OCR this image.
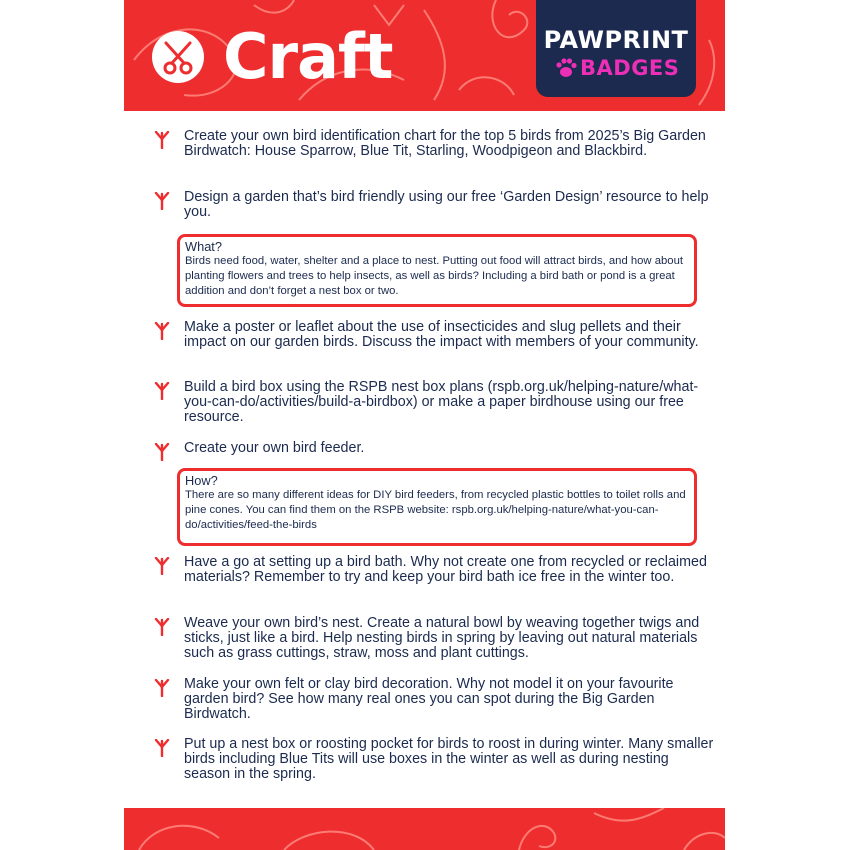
Craft	PAWPRINT
BADGES
Create your own bird identification chart for the top 5 birds from 2025’s Big Garden Birdwatch: House Sparrow, Blue Tit, Starling, Woodpigeon and Blackbird.
Design a garden that’s bird friendly using our free ‘Garden Design’ resource to help you.
What?
Birds need food, water, shelter and a place to nest. Putting out food will attract birds, and how about planting flowers and trees to help insects, as well as birds? Including a bird bath or pond is a great addition and don’t forget a nest box or two.
Make a poster or leaflet about the use of insecticides and slug pellets and their impact on our garden birds. Discuss the impact with members of your community.
Build a bird box using the RSPB nest box plans (rspb.org.uk/helping-nature/what-you-can-do/activities/build-a-birdbox) or make a paper birdhouse using our free resource.
Create your own bird feeder.
How?
There are so many different ideas for DIY bird feeders, from recycled plastic bottles to toilet rolls and pine cones. You can find them on the RSPB website: rspb.org.uk/helping-nature/what-you-can-do/activities/feed-the-birds
Have a go at setting up a bird bath. Why not create one from recycled or reclaimed materials? Remember to try and keep your bird bath ice free in the winter too.
Weave your own bird’s nest. Create a natural bowl by weaving together twigs and sticks, just like a bird. Help nesting birds in spring by leaving out natural materials such as grass cuttings, straw, moss and plant cuttings.
Make your own felt or clay bird decoration. Why not model it on your favourite garden bird? See how many real ones you can spot during the Big Garden Birdwatch.
Put up a nest box or roosting pocket for birds to roost in during winter. Many smaller birds including Blue Tits will use boxes in the winter as well as during nesting season in the spring.
